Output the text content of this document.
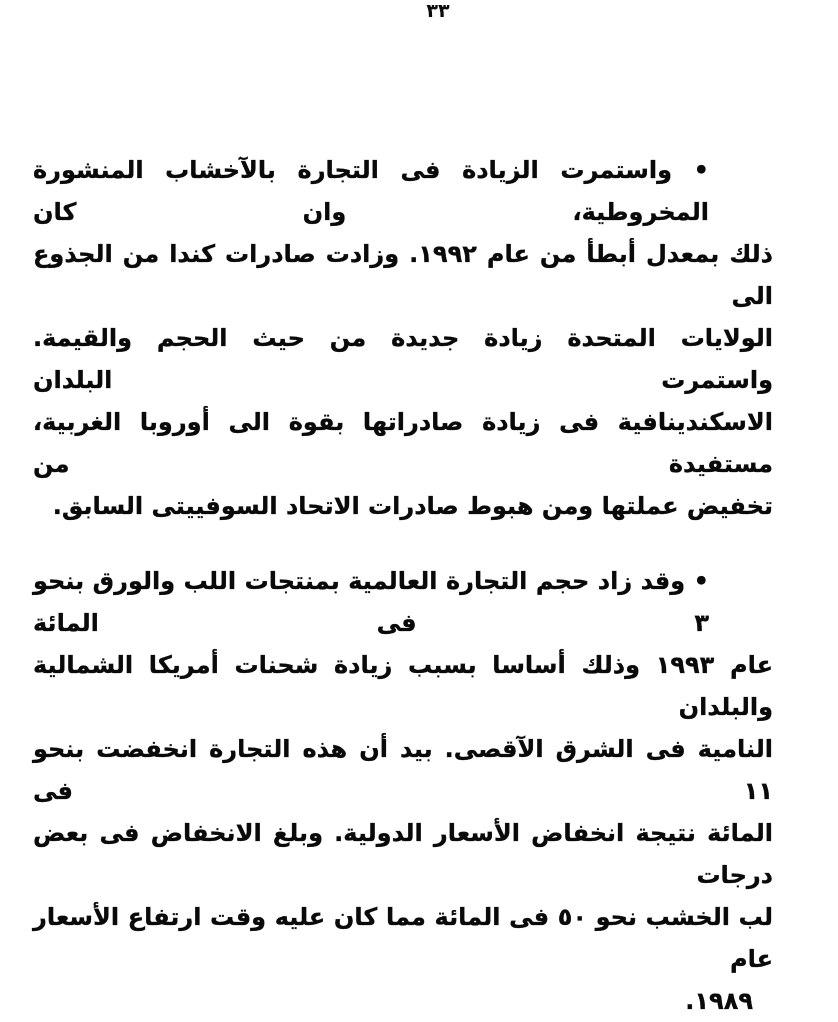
٣٣
• واستمرت الزيادة فى التجارة بالآخشاب المنشورة المخروطية، وان كان
ذلك بمعدل أبطأ من عام ١٩٩٢. وزادت صادرات كندا من الجذوع الى
الولايات المتحدة زيادة جديدة من حيث الحجم والقيمة. واستمرت البلدان
الاسكندينافية فى زيادة صادراتها بقوة الى أوروبا الغربية، مستفيدة من
تخفيض عملتها ومن هبوط صادرات الاتحاد السوفييتى السابق.
• وقد زاد حجم التجارة العالمية بمنتجات اللب والورق بنحو ٣ فى المائة
عام ١٩٩٣ وذلك أساسا بسبب زيادة شحنات أمريكا الشمالية والبلدان
النامية فى الشرق الآقصى. بيد أن هذه التجارة انخفضت بنحو ١١ فى
المائة نتيجة انخفاض الأسعار الدولية. وبلغ الانخفاض فى بعض درجات
لب الخشب نحو ٥٠ فى المائة مما كان عليه وقت ارتفاع الأسعار عام
١٩٨٩.
